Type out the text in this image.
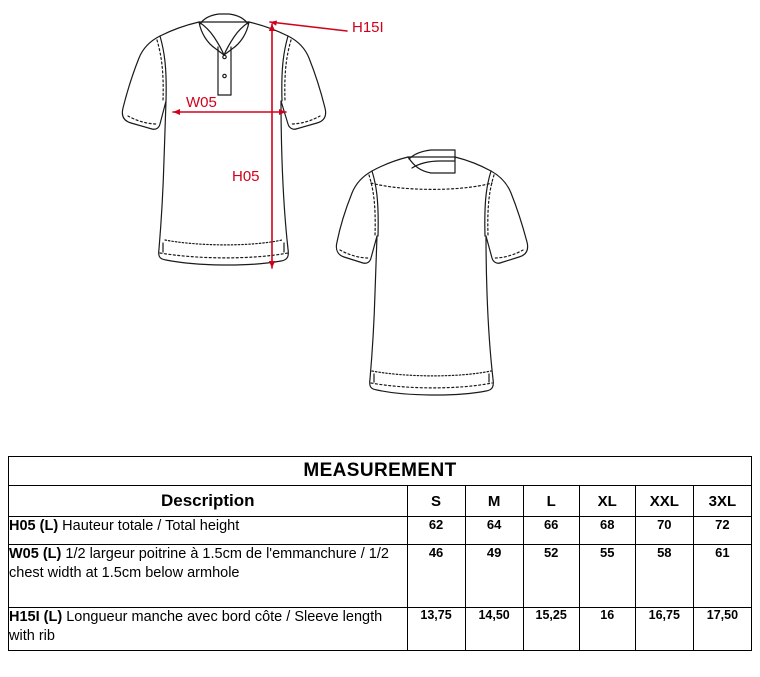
H15I
W05
H05
MEASUREMENT						
Description	S	M	L	XL	XXL	3XL
H05 (L) Hauteur totale / Total height	62	64	66	68	70	72
W05 (L) 1/2 largeur poitrine à 1.5cm de l'emmanchure / 1/2 chest width at 1.5cm below armhole	46	49	52	55	58	61
H15I (L) Longueur manche avec bord côte / Sleeve length with rib	13,75	14,50	15,25	16	16,75	17,50
